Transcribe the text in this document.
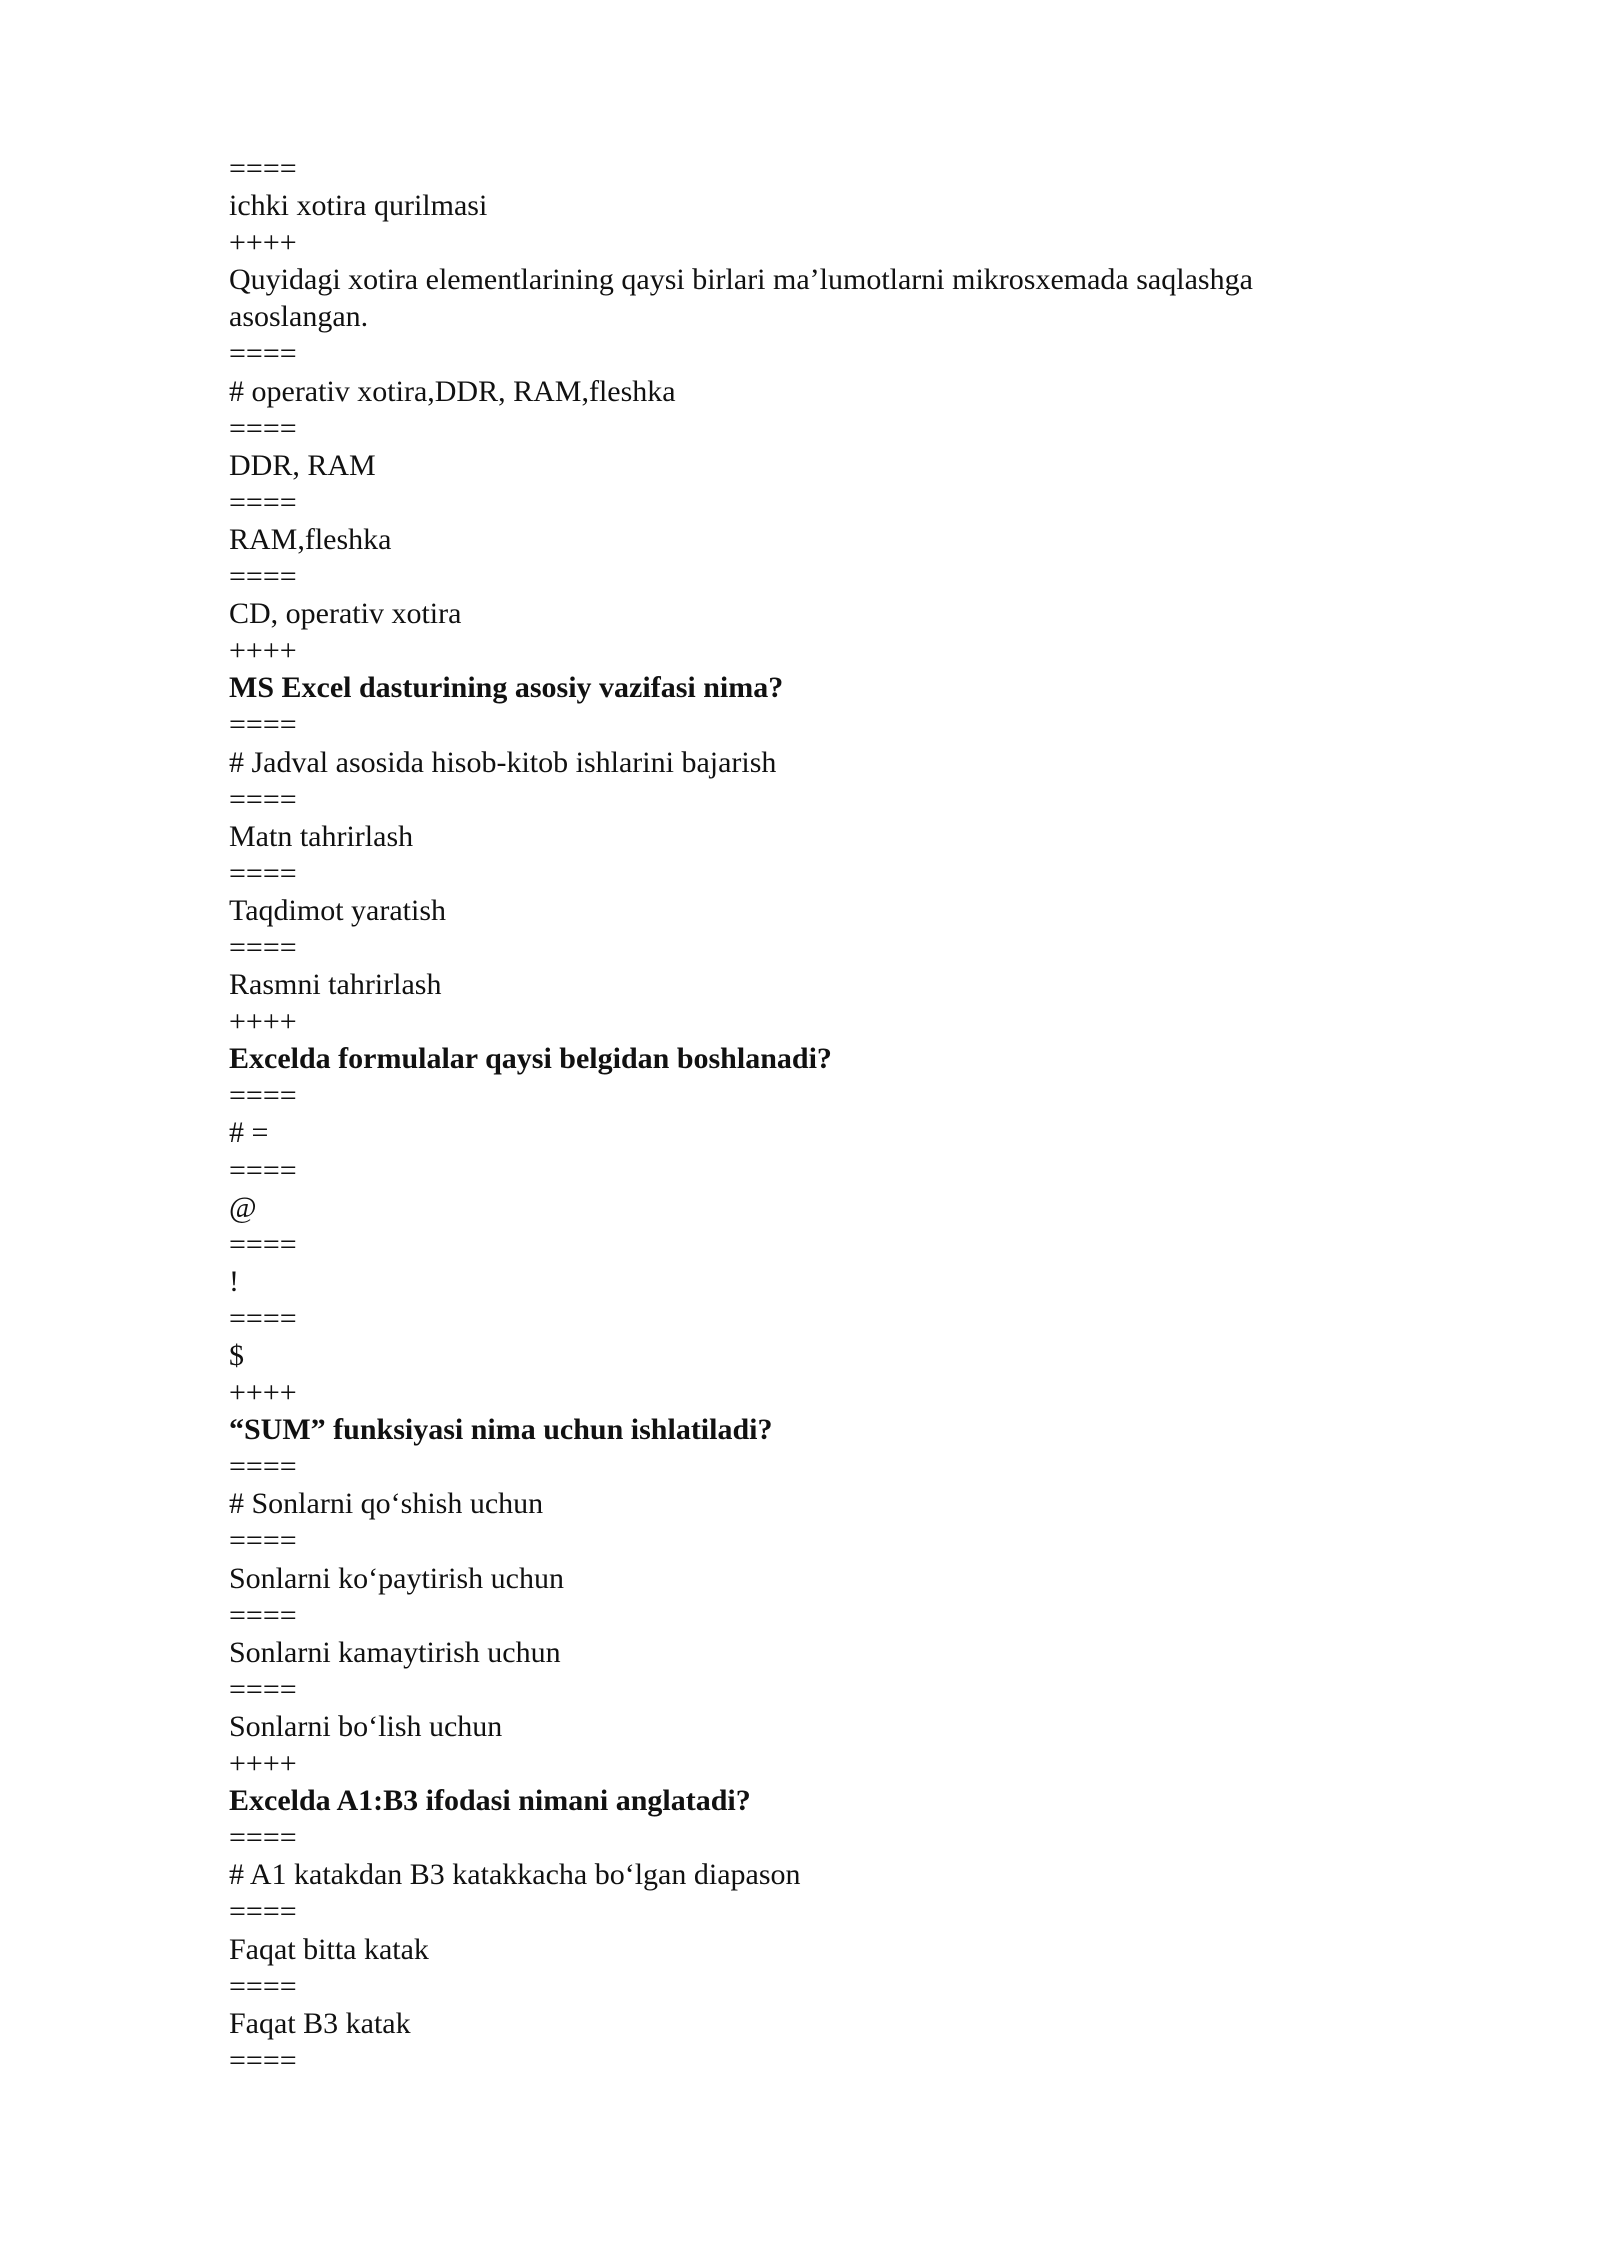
====
ichki xotira qurilmasi
++++
Quyidagi xotira elementlarining qaysi birlari ma’lumotlarni mikrosxemada saqlashga asoslangan.
====
# operativ xotira,DDR, RAM,fleshka
====
DDR, RAM
====
RAM,fleshka
====
CD, operativ xotira
++++
MS Excel dasturining asosiy vazifasi nima?
====
# Jadval asosida hisob-kitob ishlarini bajarish
====
Matn tahrirlash
====
Taqdimot yaratish
====
Rasmni tahrirlash
++++
Excelda formulalar qaysi belgidan boshlanadi?
====
# =
====
@
====
!
====
$
++++
“SUM” funksiyasi nima uchun ishlatiladi?
====
# Sonlarni qo‘shish uchun
====
Sonlarni ko‘paytirish uchun
====
Sonlarni kamaytirish uchun
====
Sonlarni bo‘lish uchun
++++
Excelda A1:B3 ifodasi nimani anglatadi?
====
# A1 katakdan B3 katakkacha bo‘lgan diapason
====
Faqat bitta katak
====
Faqat B3 katak
====
